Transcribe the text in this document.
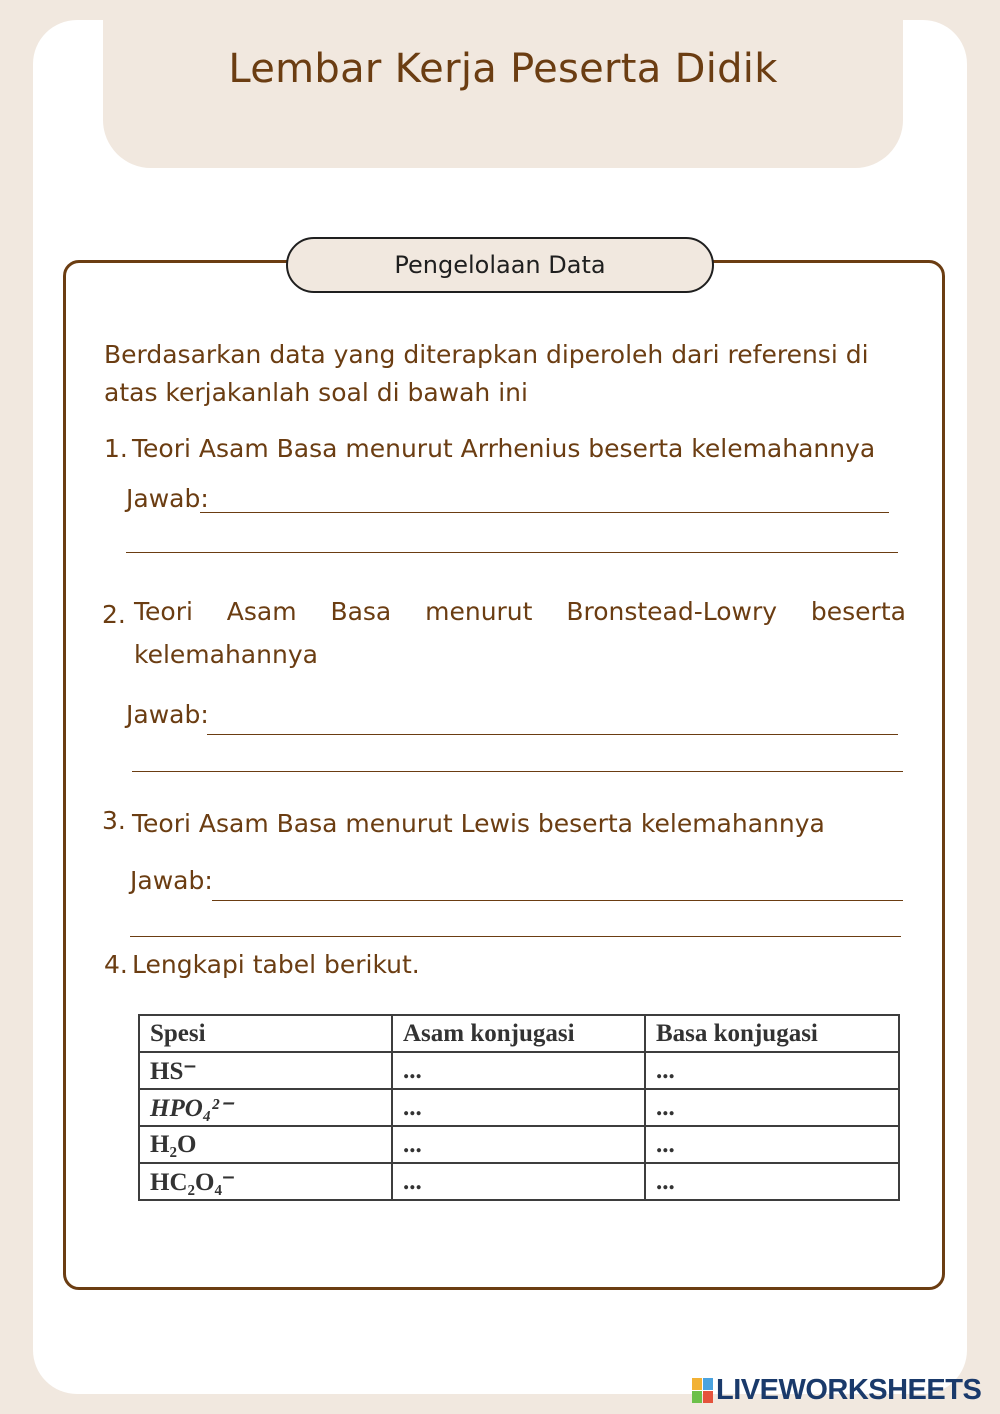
Lembar Kerja Peserta Didik
Pengelolaan Data
Berdasarkan data yang diterapkan diperoleh dari referensi di atas kerjakanlah soal di bawah ini
1. Teori Asam Basa menurut Arrhenius beserta kelemahannya
Jawab:
2. Teori Asam Basa menurut Bronstead-Lowry beserta
kelemahannya
Jawab:
3. Teori Asam Basa menurut Lewis beserta kelemahannya
Jawab:
4. Lengkapi tabel berikut.
Spesi	Asam konjugasi	Basa konjugasi
HS⁻	...	...
HPO₄²⁻	...	...
H₂O	...	...
HC₂O₄⁻	...	...
LIVEWORKSHEETS
